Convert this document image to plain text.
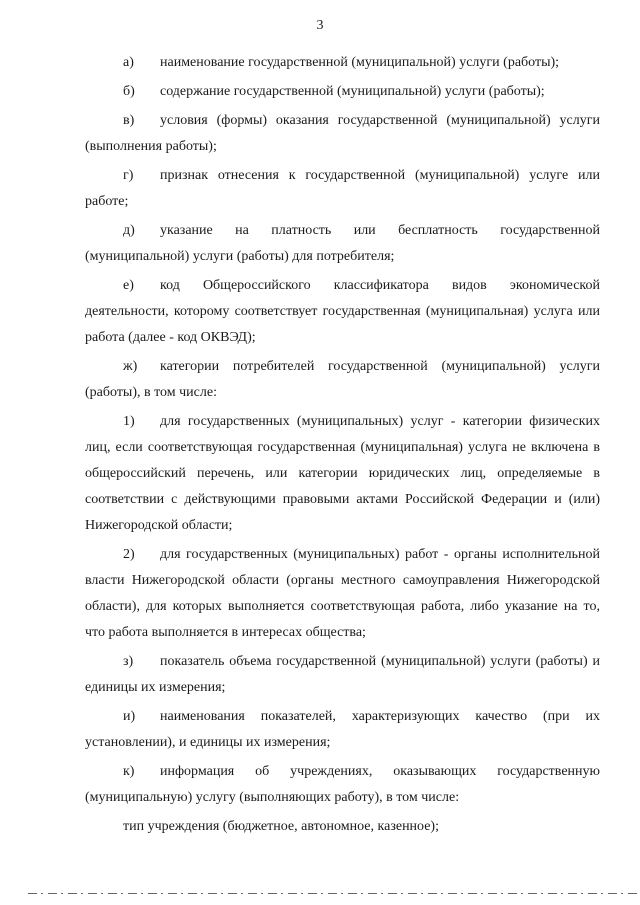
3

а) наименование государственной (муниципальной) услуги (работы);

б) содержание государственной (муниципальной) услуги (работы);

в) условия (формы) оказания государственной (муниципальной) услуги (выполнения работы);

г) признак отнесения к государственной (муниципальной) услуге или работе;

д) указание на платность или бесплатность государственной (муниципальной) услуги (работы) для потребителя;

е) код Общероссийского классификатора видов экономической деятельности, которому соответствует государственная (муниципальная) услуга или работа (далее - код ОКВЭД);

ж) категории потребителей государственной (муниципальной) услуги (работы), в том числе:

1) для государственных (муниципальных) услуг - категории физических лиц, если соответствующая государственная (муниципальная) услуга не включена в общероссийский перечень, или категории юридических лиц, определяемые в соответствии с действующими правовыми актами Российской Федерации и (или) Нижегородской области;

2) для государственных (муниципальных) работ - органы исполнительной власти Нижегородской области (органы местного самоуправления Нижегородской области), для которых выполняется соответствующая работа, либо указание на то, что работа выполняется в интересах общества;

з) показатель объема государственной (муниципальной) услуги (работы) и единицы их измерения;

и) наименования показателей, характеризующих качество (при их установлении), и единицы их измерения;

к) информация об учреждениях, оказывающих государственную (муниципальную) услугу (выполняющих работу), в том числе:

тип учреждения (бюджетное, автономное, казенное);
